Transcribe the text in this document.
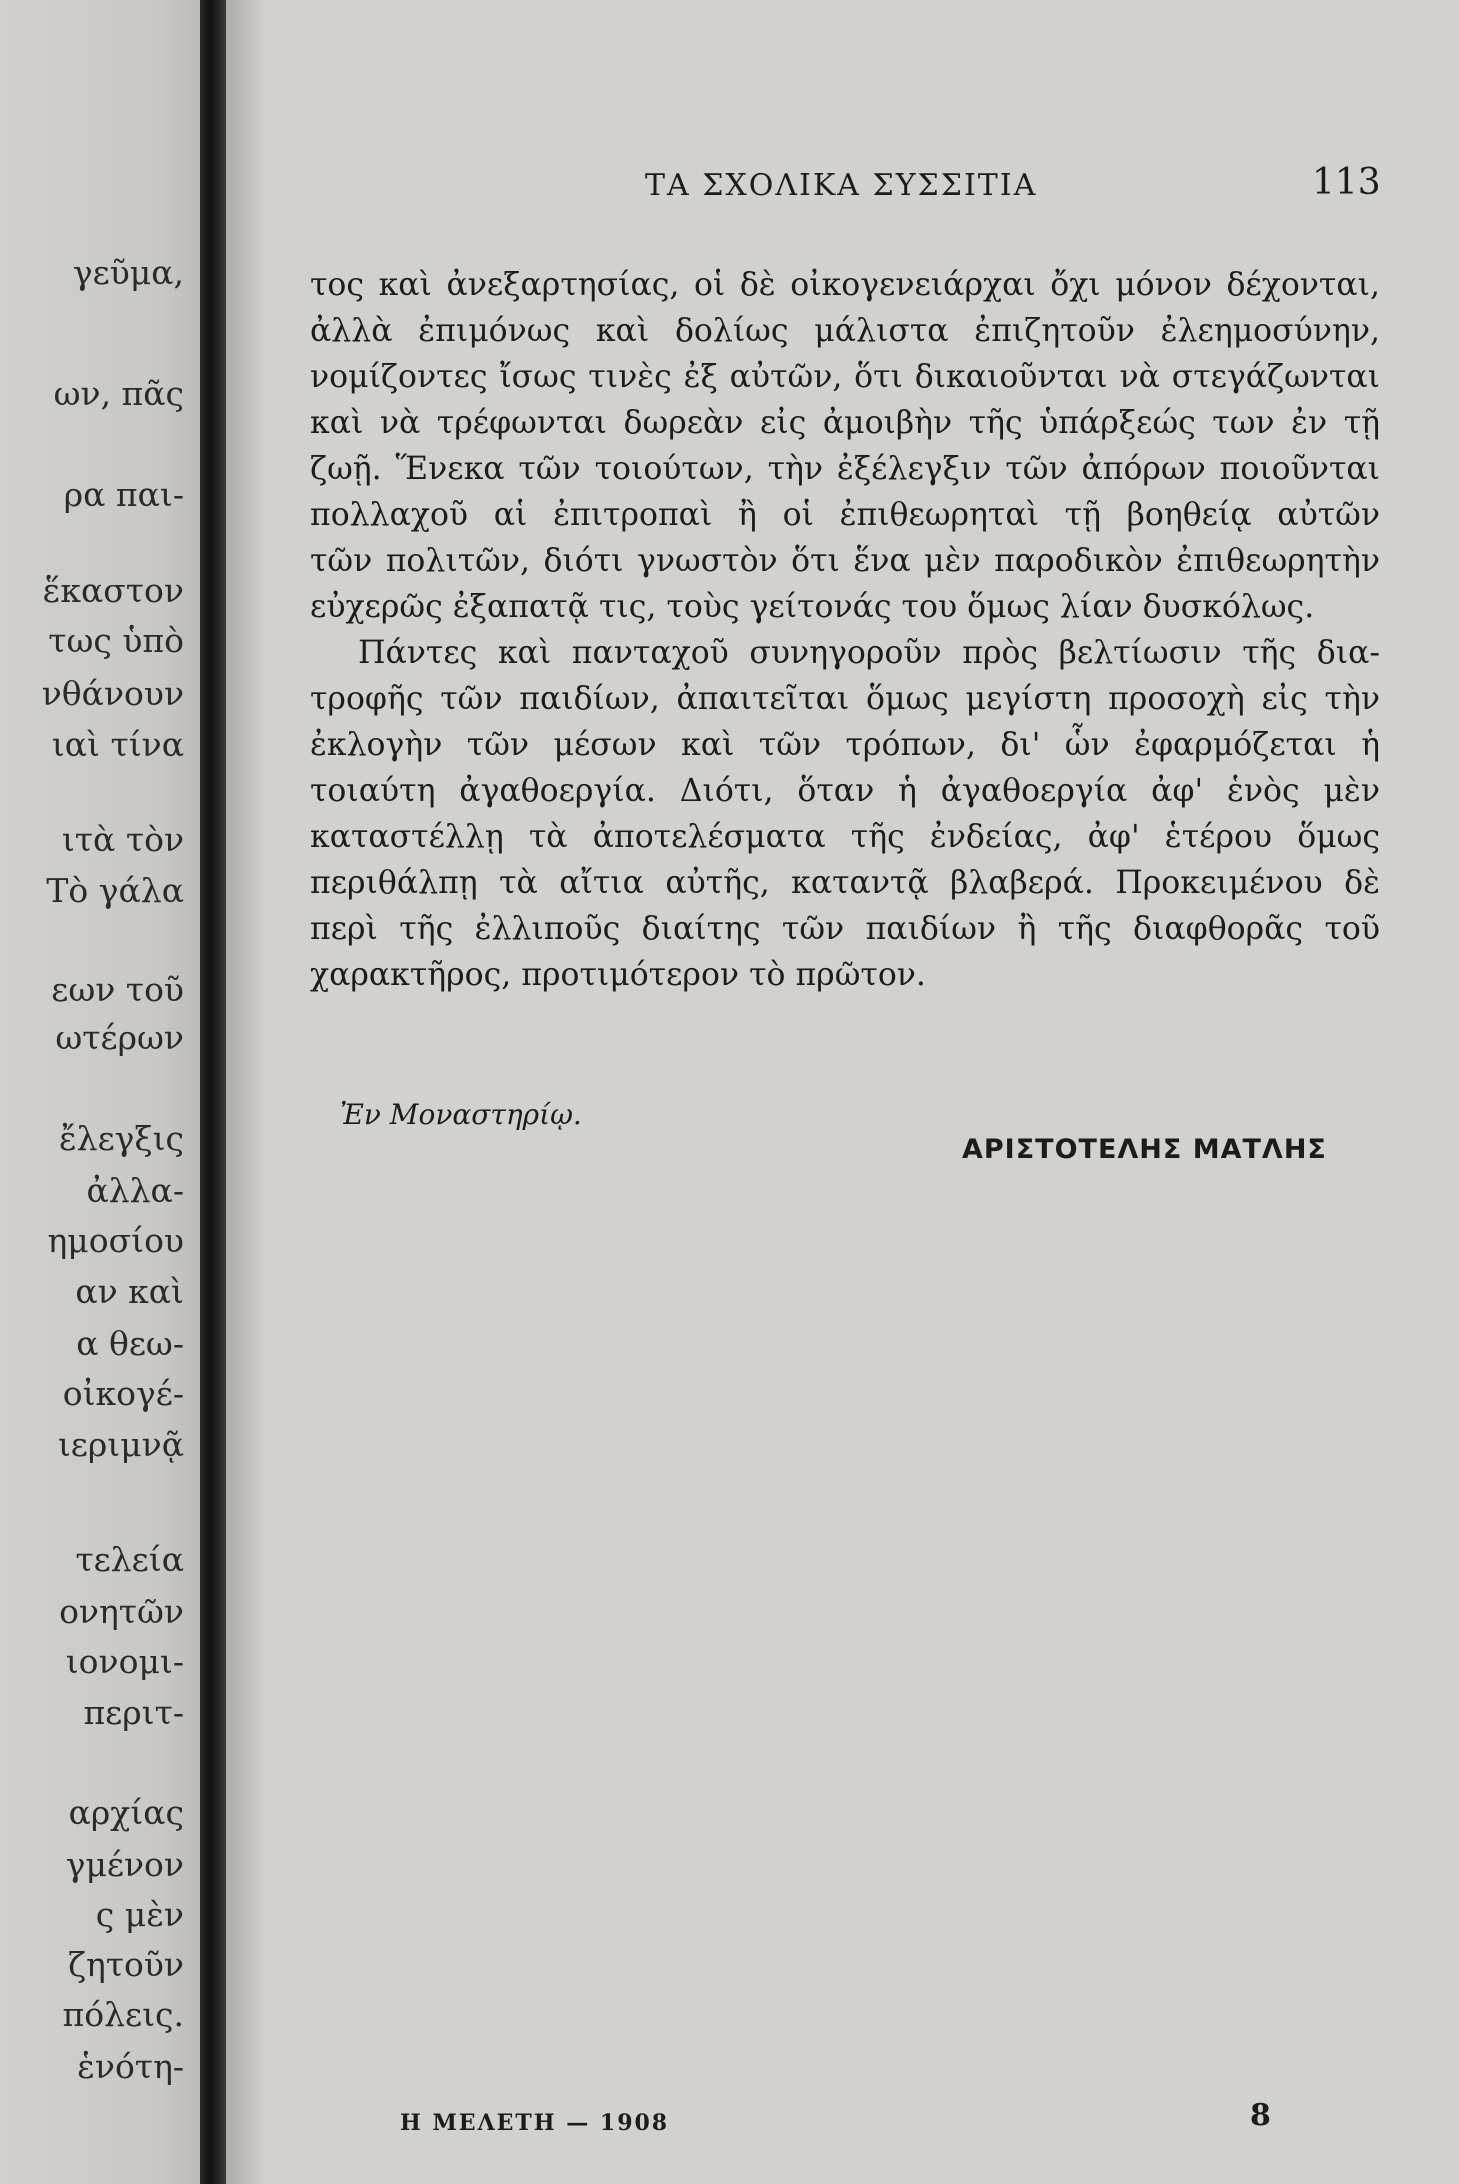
γεῦμα,
ων, πᾶς
ρα παι-
ἕκαστον
τως ὑπὸ
νθάνουν
ιαὶ τίνα
ιτὰ τὸν
Τὸ γάλα
εων τοῦ
ωτέρων
ἔλεγξις
ἀλλα-
ημοσίου
αν καὶ
α θεω-
οἰκογέ-
ιεριμνᾷ
τελεία
ονητῶν
ιονομι-
περιτ-
αρχίας
γμένον
ς μὲν
ζητοῦν
πόλεις.
ἑνότη-
ΤΑ ΣΧΟΛΙΚΑ ΣΥΣΣΙΤΙΑ	113
τος καὶ ἀνεξαρτησίας, οἱ δὲ οἰκογενειάρχαι ὄχι μόνον δέχονται,
ἀλλὰ ἐπιμόνως καὶ δολίως μάλιστα ἐπιζητοῦν ἐλεημοσύνην,
νομίζοντες ἴσως τινὲς ἐξ αὐτῶν, ὅτι δικαιοῦνται νὰ στεγάζωνται
καὶ νὰ τρέφωνται δωρεὰν εἰς ἀμοιβὴν τῆς ὑπάρξεώς των ἐν τῇ
ζωῇ. Ἕνεκα τῶν τοιούτων, τὴν ἐξέλεγξιν τῶν ἀπόρων ποιοῦνται
πολλαχοῦ αἱ ἐπιτροπαὶ ἢ οἱ ἐπιθεωρηταὶ τῇ βοηθείᾳ αὐτῶν
τῶν πολιτῶν, διότι γνωστὸν ὅτι ἕνα μὲν παροδικὸν ἐπιθεωρητὴν
εὐχερῶς ἐξαπατᾷ τις, τοὺς γείτονάς του ὅμως λίαν δυσκόλως.
Πάντες καὶ πανταχοῦ συνηγοροῦν πρὸς βελτίωσιν τῆς δια-
τροφῆς τῶν παιδίων, ἀπαιτεῖται ὅμως μεγίστη προσοχὴ εἰς τὴν
ἐκλογὴν τῶν μέσων καὶ τῶν τρόπων, δι' ὧν ἐφαρμόζεται ἡ
τοιαύτη ἀγαθοεργία. Διότι, ὅταν ἡ ἀγαθοεργία ἀφ' ἑνὸς μὲν
καταστέλλῃ τὰ ἀποτελέσματα τῆς ἐνδείας, ἀφ' ἑτέρου ὅμως
περιθάλπῃ τὰ αἴτια αὐτῆς, καταντᾷ βλαβερά. Προκειμένου δὲ
περὶ τῆς ἐλλιποῦς διαίτης τῶν παιδίων ἢ τῆς διαφθορᾶς τοῦ
χαρακτῆρος, προτιμότερον τὸ πρῶτον.
Ἐν Μοναστηρίῳ.
ΑΡΙΣΤΟΤΕΛΗΣ ΜΑΤΛΗΣ
Η ΜΕΛΕΤΗ — 1908	8
